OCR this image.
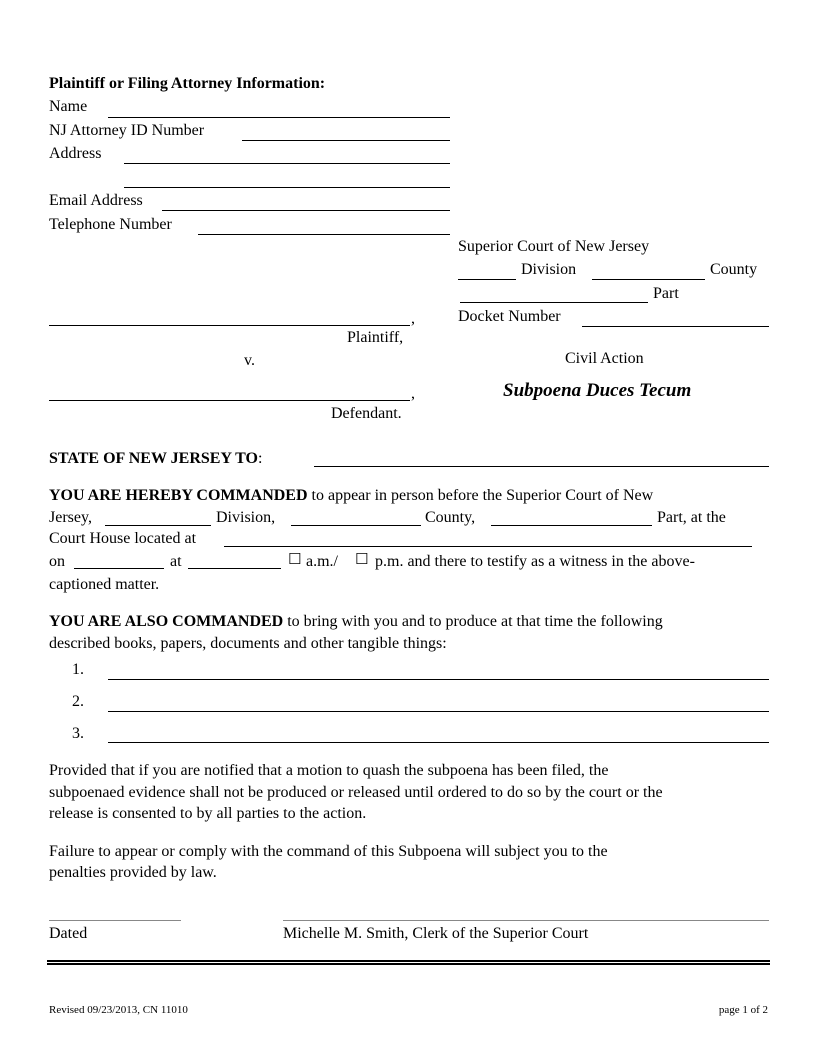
Plaintiff or Filing Attorney Information:
Name
NJ Attorney ID Number
Address
Email Address
Telephone Number
Superior Court of New Jersey
Division	County
Part
Docket Number
Civil Action
Subpoena Duces Tecum
,
Plaintiff,
v.
,
Defendant.
STATE OF NEW JERSEY TO:
YOU ARE HEREBY COMMANDED to appear in person before the Superior Court of New
Jersey,	Division,	County,	Part, at the
Court House located at
on	at	☐ a.m./ ☐ p.m. and there to testify as a witness in the above-
captioned matter.
YOU ARE ALSO COMMANDED to bring with you and to produce at that time the following
described books, papers, documents and other tangible things:
1.
2.
3.
Provided that if you are notified that a motion to quash the subpoena has been filed, the
subpoenaed evidence shall not be produced or released until ordered to do so by the court or the
release is consented to by all parties to the action.
Failure to appear or comply with the command of this Subpoena will subject you to the
penalties provided by law.
Dated	Michelle M. Smith, Clerk of the Superior Court
Revised 09/23/2013, CN 11010	page 1 of 2
